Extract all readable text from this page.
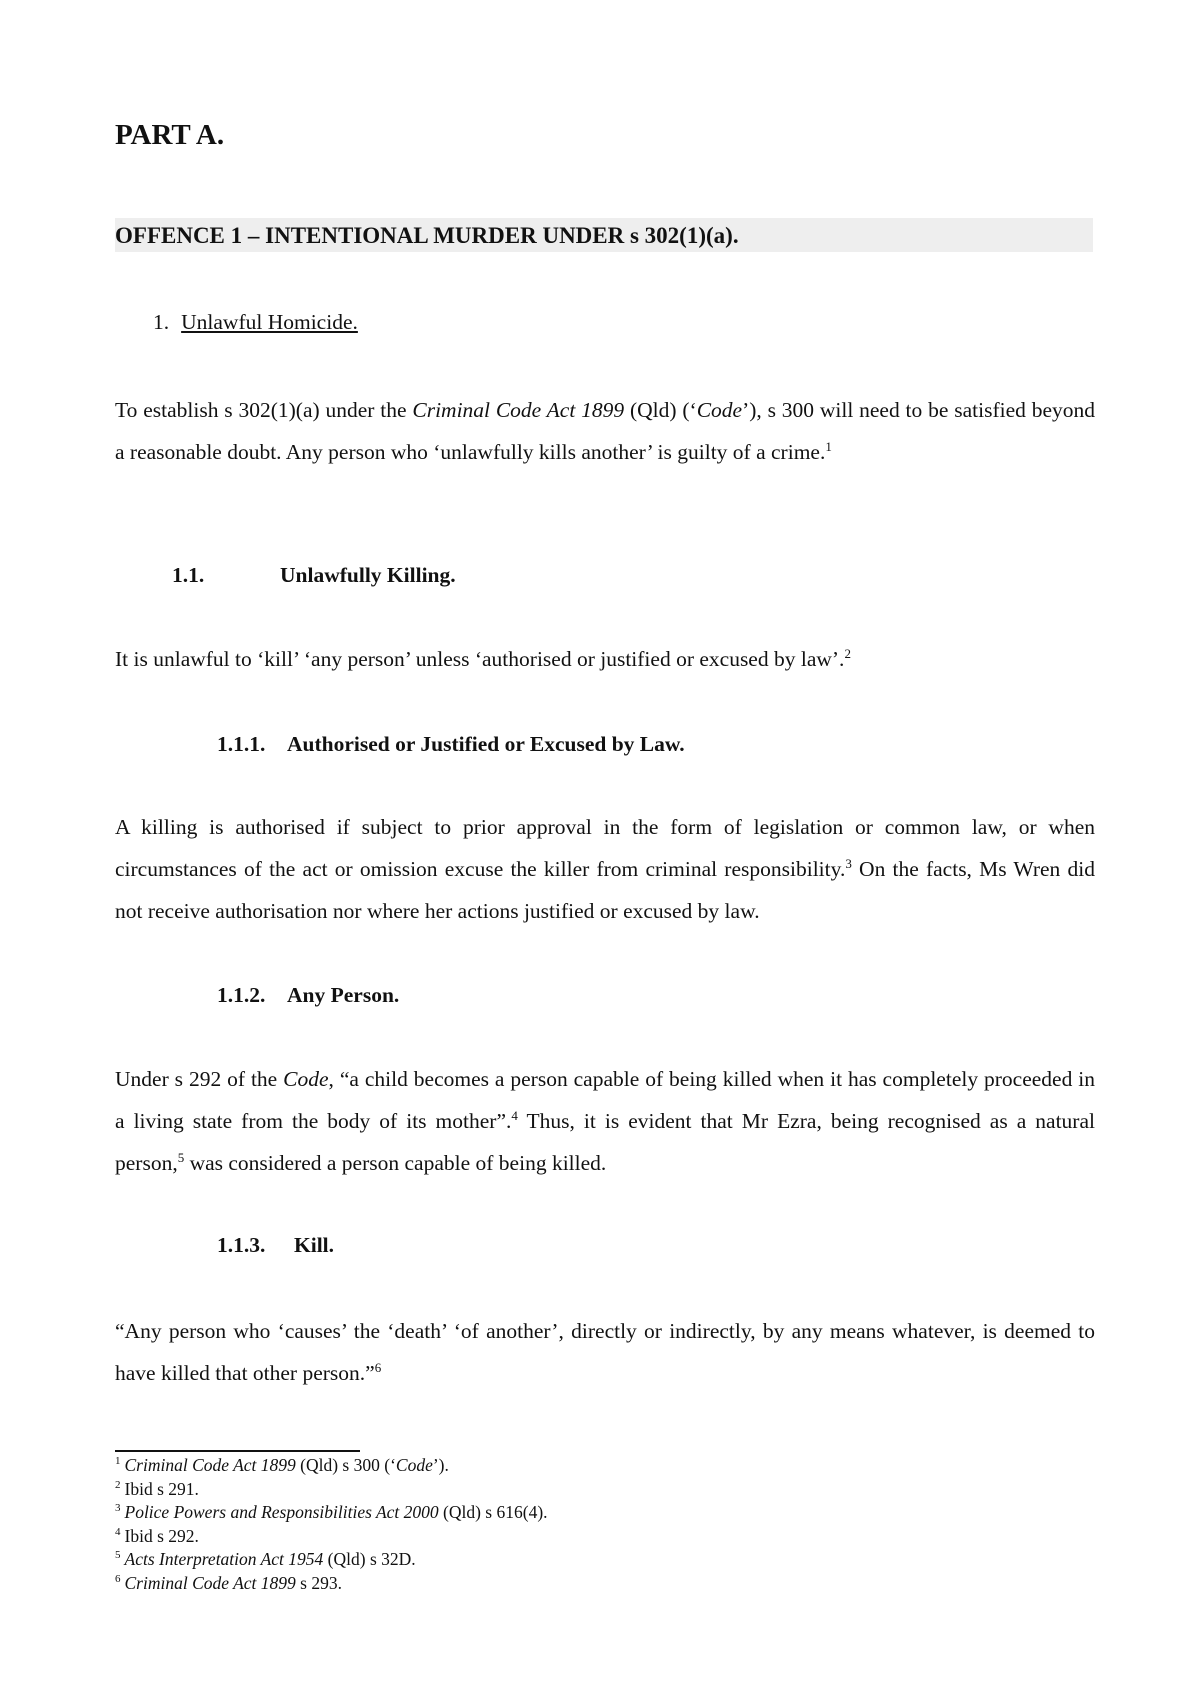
PART A.
OFFENCE 1 – INTENTIONAL MURDER UNDER s 302(1)(a).
1. Unlawful Homicide.

To establish s 302(1)(a) under the Criminal Code Act 1899 (Qld) (‘Code’), s 300 will need to be satisfied beyond a reasonable doubt. Any person who ‘unlawfully kills another’ is guilty of a crime.$^1$

1.1.	Unlawfully Killing.

It is unlawful to ‘kill’ ‘any person’ unless ‘authorised or justified or excused by law’.$^2$

1.1.1. Authorised or Justified or Excused by Law.

A killing is authorised if subject to prior approval in the form of legislation or common law, or when circumstances of the act or omission excuse the killer from criminal responsibility.$^3$ On the facts, Ms Wren did not receive authorisation nor where her actions justified or excused by law.

1.1.2. Any Person.

Under s 292 of the Code, “a child becomes a person capable of being killed when it has completely proceeded in a living state from the body of its mother”.$^4$ Thus, it is evident that Mr Ezra, being recognised as a natural person,$^5$ was considered a person capable of being killed.

1.1.3. Kill.

“Any person who ‘causes’ the ‘death’ ‘of another’, directly or indirectly, by any means whatever, is deemed to have killed that other person.”$^6$

$^1$ Criminal Code Act 1899 (Qld) s 300 (‘Code’).
$^2$ Ibid s 291.
$^3$ Police Powers and Responsibilities Act 2000 (Qld) s 616(4).
$^4$ Ibid s 292.
$^5$ Acts Interpretation Act 1954 (Qld) s 32D.
$^6$ Criminal Code Act 1899 s 293.
